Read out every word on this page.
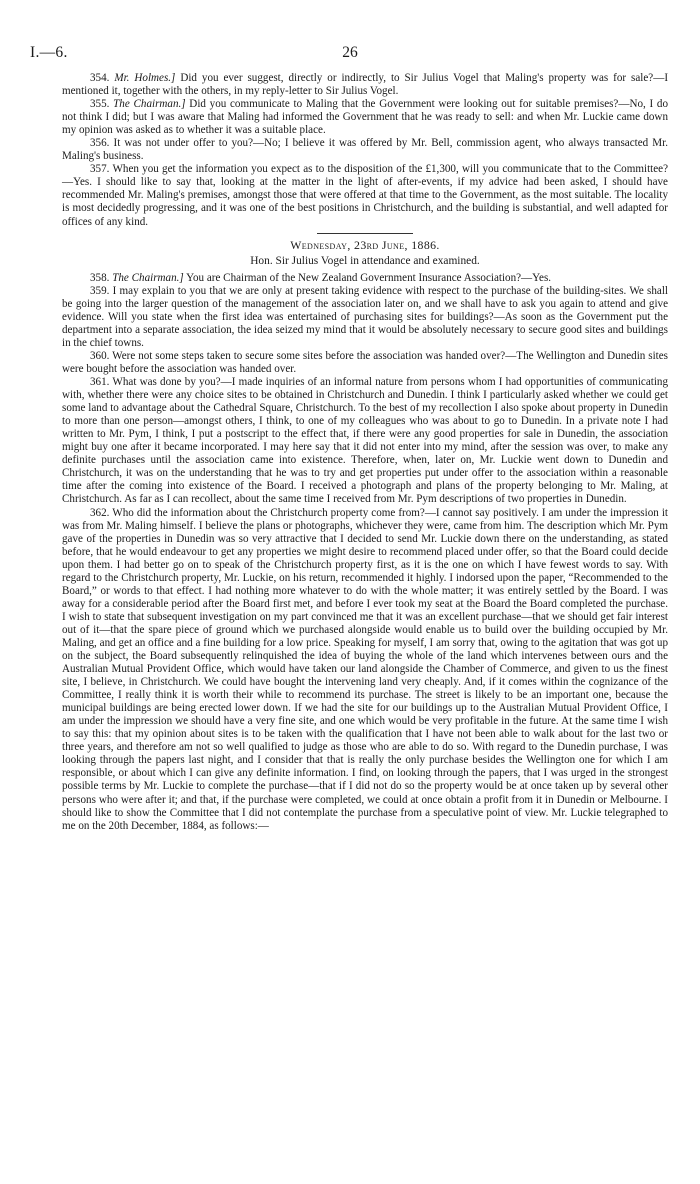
I.—6.	26

354. Mr. Holmes.] Did you ever suggest, directly or indirectly, to Sir Julius Vogel that Maling's property was for sale?—I mentioned it, together with the others, in my reply-letter to Sir Julius Vogel.

355. The Chairman.] Did you communicate to Maling that the Government were looking out for suitable premises?—No, I do not think I did; but I was aware that Maling had informed the Government that he was ready to sell: and when Mr. Luckie came down my opinion was asked as to whether it was a suitable place.

356. It was not under offer to you?—No; I believe it was offered by Mr. Bell, commission agent, who always transacted Mr. Maling's business.

357. When you get the information you expect as to the disposition of the £1,300, will you communicate that to the Committee?—Yes. I should like to say that, looking at the matter in the light of after-events, if my advice had been asked, I should have recommended Mr. Maling's premises, amongst those that were offered at that time to the Government, as the most suitable. The locality is most decidedly progressing, and it was one of the best positions in Christchurch, and the building is substantial, and well adapted for offices of any kind.

Wednesday, 23rd June, 1886.

Hon. Sir Julius Vogel in attendance and examined.

358. The Chairman.] You are Chairman of the New Zealand Government Insurance Association?—Yes.

359. I may explain to you that we are only at present taking evidence with respect to the purchase of the building-sites. We shall be going into the larger question of the management of the association later on, and we shall have to ask you again to attend and give evidence. Will you state when the first idea was entertained of purchasing sites for buildings?—As soon as the Government put the department into a separate association, the idea seized my mind that it would be absolutely necessary to secure good sites and buildings in the chief towns.

360. Were not some steps taken to secure some sites before the association was handed over?—The Wellington and Dunedin sites were bought before the association was handed over.

361. What was done by you?—I made inquiries of an informal nature from persons whom I had opportunities of communicating with, whether there were any choice sites to be obtained in Christchurch and Dunedin. I think I particularly asked whether we could get some land to advantage about the Cathedral Square, Christchurch. To the best of my recollection I also spoke about property in Dunedin to more than one person—amongst others, I think, to one of my colleagues who was about to go to Dunedin. In a private note I had written to Mr. Pym, I think, I put a postscript to the effect that, if there were any good properties for sale in Dunedin, the association might buy one after it became incorporated. I may here say that it did not enter into my mind, after the session was over, to make any definite purchases until the association came into existence. Therefore, when, later on, Mr. Luckie went down to Dunedin and Christchurch, it was on the understanding that he was to try and get properties put under offer to the association within a reasonable time after the coming into existence of the Board. I received a photograph and plans of the property belonging to Mr. Maling, at Christchurch. As far as I can recollect, about the same time I received from Mr. Pym descriptions of two properties in Dunedin.

362. Who did the information about the Christchurch property come from?—I cannot say positively. I am under the impression it was from Mr. Maling himself. I believe the plans or photographs, whichever they were, came from him. The description which Mr. Pym gave of the properties in Dunedin was so very attractive that I decided to send Mr. Luckie down there on the understanding, as stated before, that he would endeavour to get any properties we might desire to recommend placed under offer, so that the Board could decide upon them. I had better go on to speak of the Christchurch property first, as it is the one on which I have fewest words to say. With regard to the Christchurch property, Mr. Luckie, on his return, recommended it highly. I indorsed upon the paper, “Recommended to the Board,” or words to that effect. I had nothing more whatever to do with the whole matter; it was entirely settled by the Board. I was away for a considerable period after the Board first met, and before I ever took my seat at the Board the Board completed the purchase. I wish to state that subsequent investigation on my part convinced me that it was an excellent purchase—that we should get fair interest out of it—that the spare piece of ground which we purchased alongside would enable us to build over the building occupied by Mr. Maling, and get an office and a fine building for a low price. Speaking for myself, I am sorry that, owing to the agitation that was got up on the subject, the Board subsequently relinquished the idea of buying the whole of the land which intervenes between ours and the Australian Mutual Provident Office, which would have taken our land alongside the Chamber of Commerce, and given to us the finest site, I believe, in Christchurch. We could have bought the intervening land very cheaply. And, if it comes within the cognizance of the Committee, I really think it is worth their while to recommend its purchase. The street is likely to be an important one, because the municipal buildings are being erected lower down. If we had the site for our buildings up to the Australian Mutual Provident Office, I am under the impression we should have a very fine site, and one which would be very profitable in the future. At the same time I wish to say this: that my opinion about sites is to be taken with the qualification that I have not been able to walk about for the last two or three years, and therefore am not so well qualified to judge as those who are able to do so. With regard to the Dunedin purchase, I was looking through the papers last night, and I consider that that is really the only purchase besides the Wellington one for which I am responsible, or about which I can give any definite information. I find, on looking through the papers, that I was urged in the strongest possible terms by Mr. Luckie to complete the purchase—that if I did not do so the property would be at once taken up by several other persons who were after it; and that, if the purchase were completed, we could at once obtain a profit from it in Dunedin or Melbourne. I should like to show the Committee that I did not contemplate the purchase from a speculative point of view. Mr. Luckie telegraphed to me on the 20th December, 1884, as follows:—
